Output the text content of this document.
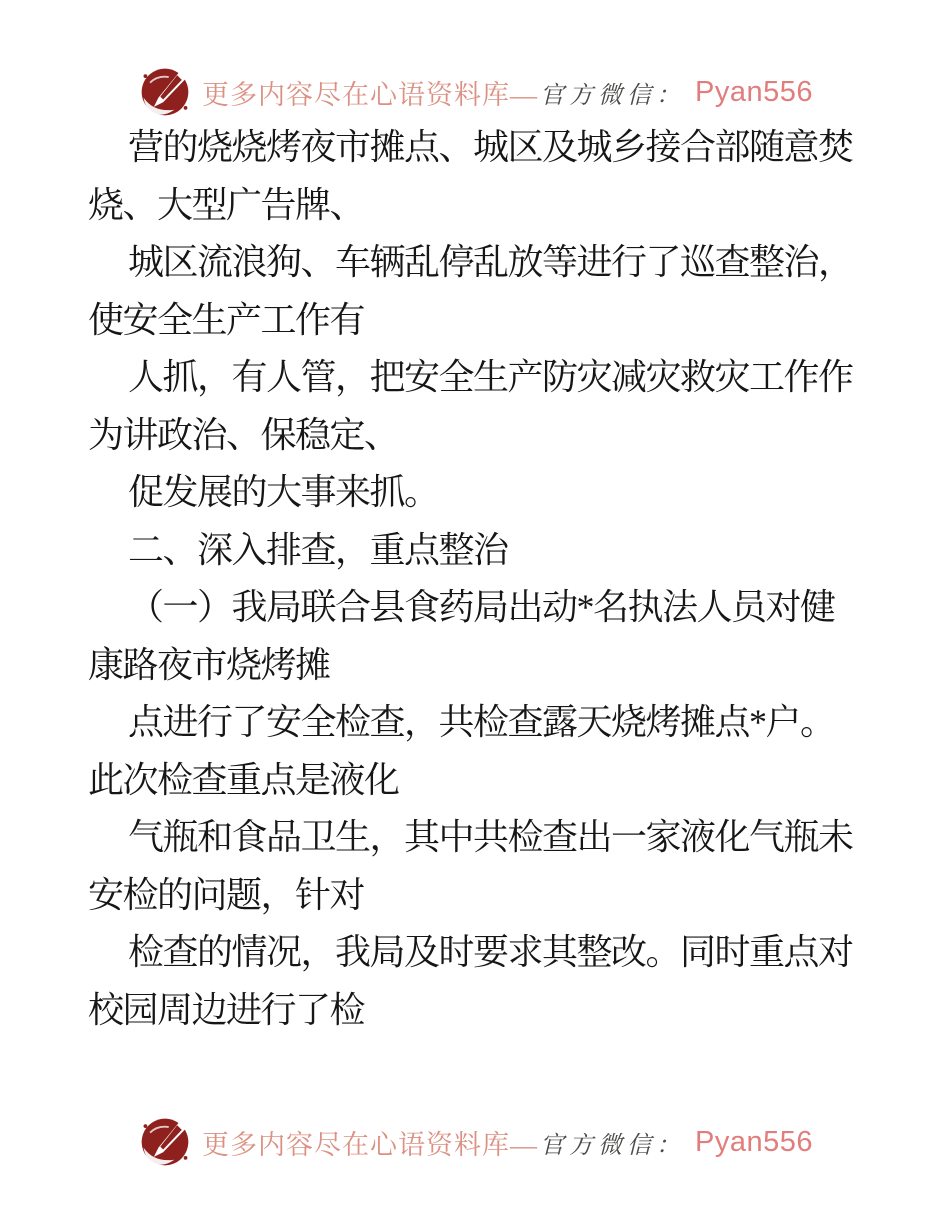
更多内容尽在心语资料库— 官方微信： Pyan556
营的烧烧烤夜市摊点、城区及城乡接合部随意焚
烧、大型广告牌、
城区流浪狗、车辆乱停乱放等进行了巡查整治，
使安全生产工作有
人抓，有人管，把安全生产防灾减灾救灾工作作
为讲政治、保稳定、
促发展的大事来抓。
二、深入排查，重点整治
（一）我局联合县食药局出动*名执法人员对健
康路夜市烧烤摊
点进行了安全检查，共检查露天烧烤摊点*户。
此次检查重点是液化
气瓶和食品卫生，其中共检查出一家液化气瓶未
安检的问题，针对
检查的情况，我局及时要求其整改。同时重点对
校园周边进行了检
更多内容尽在心语资料库— 官方微信： Pyan556
